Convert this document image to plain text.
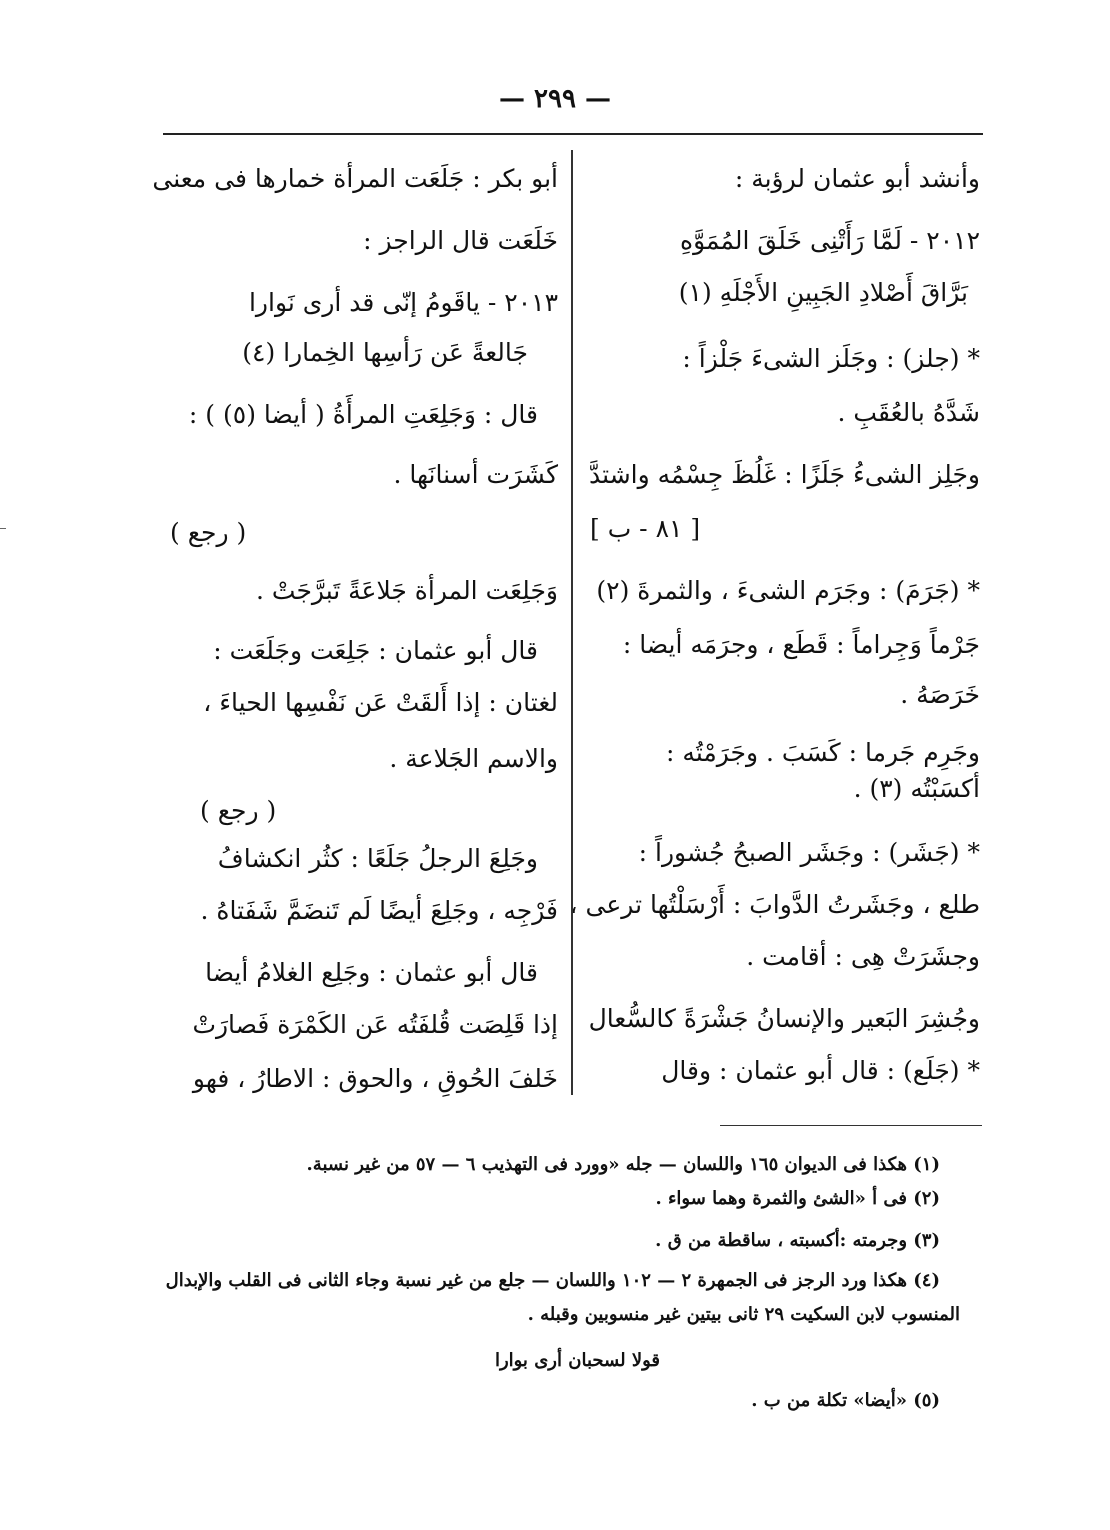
— ٢٩٩ —
وأنشد أبو عثمان لرؤبة :
٢٠١٢ - لَمَّا رَأَتْنِى خَلَقَ المُمَوَّهِ
بَرَّاقَ أَصْلادِ الجَبِينِ الأَجْلَهِ (١)
* (جلز) : وجَلَز الشىءَ جَلْزاً :
شَدَّهُ بالعُقَبِ .
وجَلِز الشىءُ جَلَزًا : غَلُظَ جِسْمُه واشتدَّ
[ ٨١ - ب ]
* (جَرَمَ) : وجَرَم الشىءَ ، والثمرةَ (٢)
جَرْماً وَجِراماً : قَطَع ، وجرَمَه أيضا :
خَرَصَهُ .
وجَرِم جَرما : كَسَبَ . وجَرَمْتُه :
أكسَبْتُه (٣) .
* (جَشَر) : وجَشَر الصبحُ جُشوراً :
طلع ، وجَشَرتُ الدَّوابَ : أَرْسَلْتُها ترعى ،
وجشَرَتْ هِى : أقامت .
وجُشِرَ البَعير والإنسانُ جَشْرَةً كالسُّعال
* (جَلَع) : قال أبو عثمان : وقال
أبو بكر : جَلَعَت المرأة خمارها فى معنى
خَلَعَت قال الراجز :
٢٠١٣ - ياقَومُ إنّى قد أرى نَوارا
جَالعةً عَن رَأسِها الخِمارا (٤)
قال : وَجَلِعَتِ المرأَةُ ( أيضا (٥) ) :
كَشَرَت أسنانَها .
( رجع )
وَجَلِعَت المرأة جَلاعَةً تَبرَّجَتْ .
قال أبو عثمان : جَلِعَت وجَلَعَت :
لغتان : إذا أَلقَتْ عَن نَفْسِها الحياءَ ،
والاسم الجَلاعة .
( رجع )
وجَلِعَ الرجلُ جَلَعًا : كثُر انكشافُ
فَرْجِه ، وجَلِعَ أيضًا لَم تَنضَمَّ شَفَتاهُ .
قال أبو عثمان : وجَلِع الغلامُ أيضا
إذا قَلِصَت قُلفَتُه عَن الكَمْرَة فَصارَتْ
خَلفَ الحُوقِ ، والحوق : الاطارُ ، فهو
(١) هكذا فى الديوان ١٦٥ واللسان — جله «وورد فى التهذيب ٦ — ٥٧ من غير نسبة.
(٢) فى أ «الشئ والثمرة وهما سواء .
(٣) وجرمته :أكسبته ، ساقطة من ق .
(٤) هكذا ورد الرجز فى الجمهرة ٢ — ١٠٢ واللسان — جلع من غير نسبة وجاء الثانى فى القلب والإبدال
المنسوب لابن السكيت ٢٩ ثانى بيتين غير منسوبين وقبله .
قولا لسحبان أرى بوارا
(٥) «أيضا» تكلة من ب .
